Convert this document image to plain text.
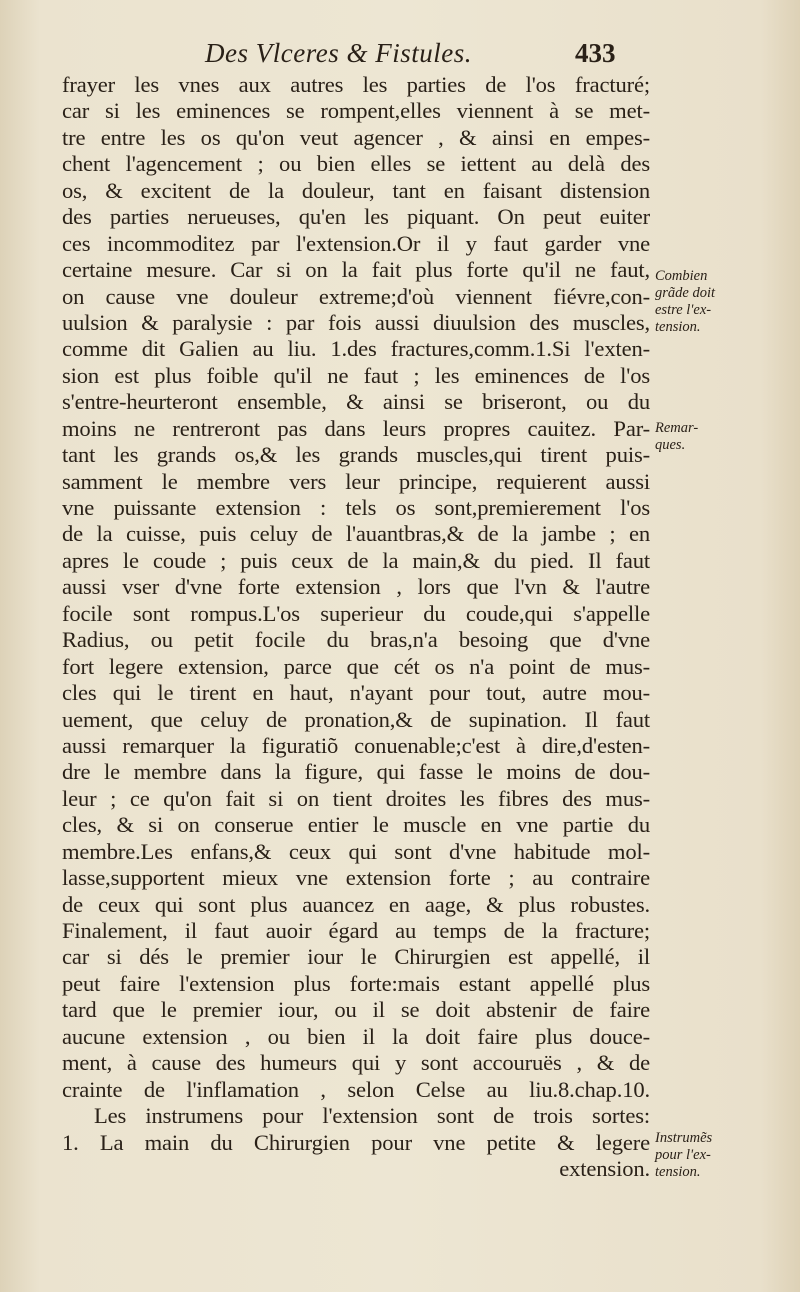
Des Vlceres & Fistules.	433
frayer les vnes aux autres les parties de l'os fracturé;
car si les eminences se rompent,elles viennent à se met-
tre entre les os qu'on veut agencer , & ainsi en empes-
chent l'agencement ; ou bien elles se iettent au delà des
os, & excitent de la douleur, tant en faisant distension
des parties nerueuses, qu'en les piquant. On peut euiter
ces incommoditez par l'extension.Or il y faut garder vne
certaine mesure. Car si on la fait plus forte qu'il ne faut,
on cause vne douleur extreme;d'où viennent fiévre,con-
uulsion & paralysie : par fois aussi diuulsion des muscles,
comme dit Galien au liu. 1.des fractures,comm.1.Si l'exten-
sion est plus foible qu'il ne faut ; les eminences de l'os
s'entre-heurteront ensemble, & ainsi se briseront, ou du
moins ne rentreront pas dans leurs propres cauitez. Par-
tant les grands os,& les grands muscles,qui tirent puis-
samment le membre vers leur principe, requierent aussi
vne puissante extension : tels os sont,premierement l'os
de la cuisse, puis celuy de l'auantbras,& de la jambe ; en
apres le coude ; puis ceux de la main,& du pied. Il faut
aussi vser d'vne forte extension , lors que l'vn & l'autre
focile sont rompus.L'os superieur du coude,qui s'appelle
Radius, ou petit focile du bras,n'a besoing que d'vne
fort legere extension, parce que cét os n'a point de mus-
cles qui le tirent en haut, n'ayant pour tout, autre mou-
uement, que celuy de pronation,& de supination. Il faut
aussi remarquer la figuratiõ conuenable;c'est à dire,d'esten-
dre le membre dans la figure, qui fasse le moins de dou-
leur ; ce qu'on fait si on tient droites les fibres des mus-
cles, & si on conserue entier le muscle en vne partie du
membre.Les enfans,& ceux qui sont d'vne habitude mol-
lasse,supportent mieux vne extension forte ; au contraire
de ceux qui sont plus auancez en aage, & plus robustes.
Finalement, il faut auoir égard au temps de la fracture;
car si dés le premier iour le Chirurgien est appellé, il
peut faire l'extension plus forte:mais estant appellé plus
tard que le premier iour, ou il se doit abstenir de faire
aucune extension , ou bien il la doit faire plus douce-
ment, à cause des humeurs qui y sont accouruës , & de
crainte de l'inflamation , selon Celse au liu.8.chap.10.
Les instrumens pour l'extension sont de trois sortes:
1. La main du Chirurgien pour vne petite & legere
extension.
Combien
grãde doit
estre l'ex-
tension.
Remar-
ques.
Instrumẽs
pour l'ex-
tension.
